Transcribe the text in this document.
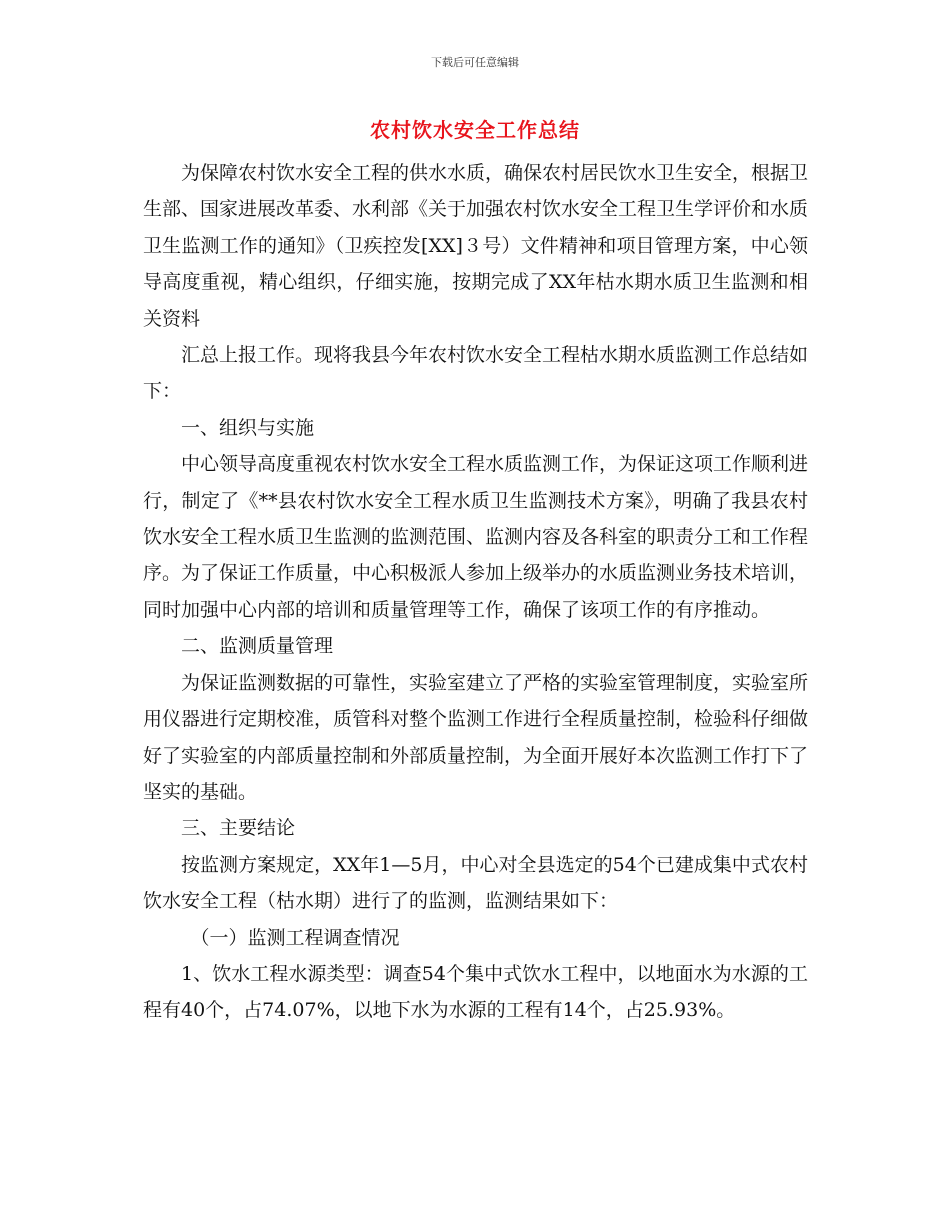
下载后可任意编辑
农村饮水安全工作总结

为保障农村饮水安全工程的供水水质，确保农村居民饮水卫生安全，根据卫生部、国家进展改革委、水利部《关于加强农村饮水安全工程卫生学评价和水质卫生监测工作的通知》（卫疾控发[XX]３号）文件精神和项目管理方案，中心领导高度重视，精心组织，仔细实施，按期完成了XX年枯水期水质卫生监测和相关资料

汇总上报工作。现将我县今年农村饮水安全工程枯水期水质监测工作总结如下：

一、组织与实施

中心领导高度重视农村饮水安全工程水质监测工作，为保证这项工作顺利进行，制定了《**县农村饮水安全工程水质卫生监测技术方案》，明确了我县农村饮水安全工程水质卫生监测的监测范围、监测内容及各科室的职责分工和工作程序。为了保证工作质量，中心积极派人参加上级举办的水质监测业务技术培训，同时加强中心内部的培训和质量管理等工作，确保了该项工作的有序推动。

二、监测质量管理

为保证监测数据的可靠性，实验室建立了严格的实验室管理制度，实验室所用仪器进行定期校准，质管科对整个监测工作进行全程质量控制，检验科仔细做好了实验室的内部质量控制和外部质量控制，为全面开展好本次监测工作打下了坚实的基础。

三、主要结论

按监测方案规定，XX年1—5月，中心对全县选定的54个已建成集中式农村饮水安全工程（枯水期）进行了的监测，监测结果如下：

（一）监测工程调查情况

1、饮水工程水源类型：调查54个集中式饮水工程中，以地面水为水源的工程有40个，占74.07%，以地下水为水源的工程有14个，占25.93%。
